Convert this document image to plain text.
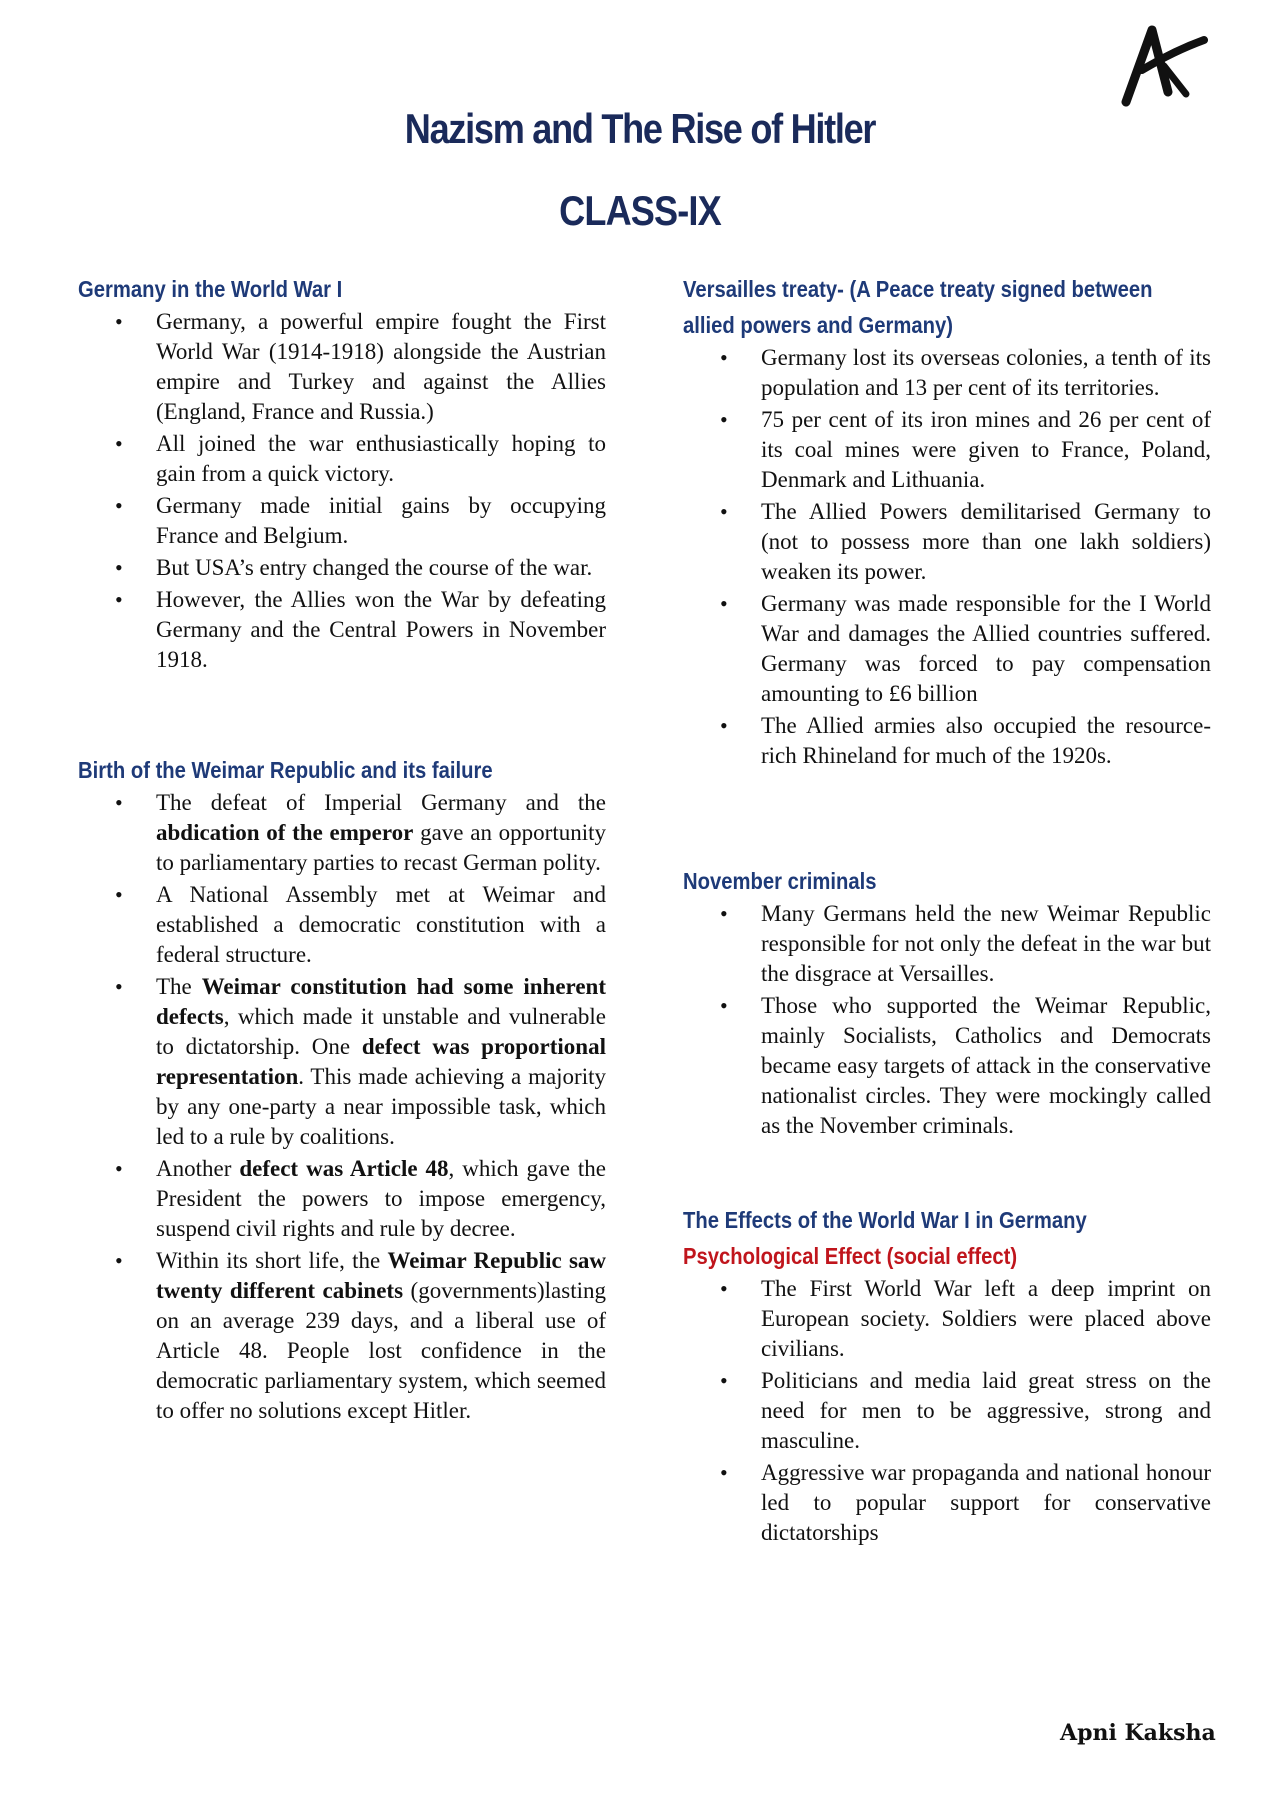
Nazism and The Rise of Hitler
CLASS-IX
Germany in the World War I
• Germany, a powerful empire fought the First World War (1914-1918) alongside the Austrian empire and Turkey and against the Allies (England, France and Russia.)
• All joined the war enthusiastically hoping to gain from a quick victory.
• Germany made initial gains by occupying France and Belgium.
• But USA’s entry changed the course of the war.
• However, the Allies won the War by defeating Germany and the Central Powers in November 1918.
Birth of the Weimar Republic and its failure
• The defeat of Imperial Germany and the abdication of the emperor gave an opportunity to parliamentary parties to recast German polity.
• A National Assembly met at Weimar and established a democratic constitution with a federal structure.
• The Weimar constitution had some inherent defects, which made it unstable and vulnerable to dictatorship. One defect was proportional representation. This made achieving a majority by any one-party a near impossible task, which led to a rule by coalitions.
• Another defect was Article 48, which gave the President the powers to impose emergency, suspend civil rights and rule by decree.
• Within its short life, the Weimar Republic saw twenty different cabinets (governments)lasting on an average 239 days, and a liberal use of Article 48. People lost confidence in the democratic parliamentary system, which seemed to offer no solutions except Hitler.
Versailles treaty- (A Peace treaty signed between
allied powers and Germany)
• Germany lost its overseas colonies, a tenth of its population and 13 per cent of its territories.
• 75 per cent of its iron mines and 26 per cent of its coal mines were given to France, Poland, Denmark and Lithuania.
• The Allied Powers demilitarised Germany to (not to possess more than one lakh soldiers) weaken its power.
• Germany was made responsible for the I World War and damages the Allied countries suffered. Germany was forced to pay compensation amounting to £6 billion
• The Allied armies also occupied the resource-rich Rhineland for much of the 1920s.
November criminals
• Many Germans held the new Weimar Republic responsible for not only the defeat in the war but the disgrace at Versailles.
• Those who supported the Weimar Republic, mainly Socialists, Catholics and Democrats became easy targets of attack in the conservative nationalist circles. They were mockingly called as the November criminals.
The Effects of the World War I in Germany
Psychological Effect (social effect)
• The First World War left a deep imprint on European society. Soldiers were placed above civilians.
• Politicians and media laid great stress on the need for men to be aggressive, strong and masculine.
• Aggressive war propaganda and national honour led to popular support for conservative dictatorships
Apni Kaksha
